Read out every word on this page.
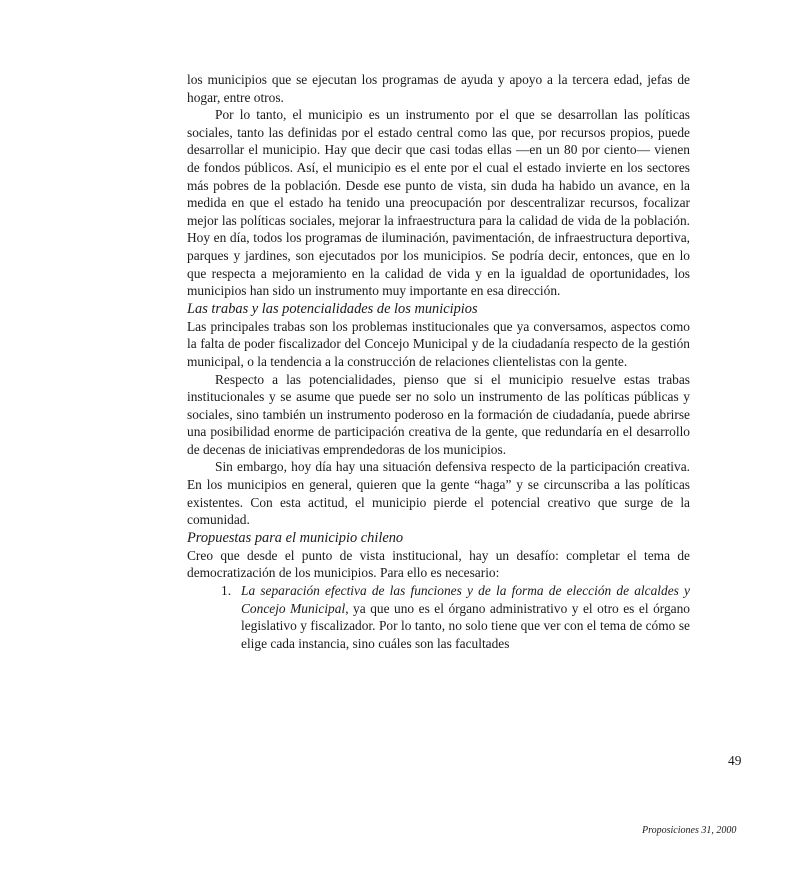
los municipios que se ejecutan los programas de ayuda y apoyo a la tercera edad, jefas de hogar, entre otros.

Por lo tanto, el municipio es un instrumento por el que se desarrollan las políticas sociales, tanto las definidas por el estado central como las que, por recursos propios, puede desarrollar el municipio. Hay que decir que casi todas ellas —en un 80 por ciento— vienen de fondos públicos. Así, el municipio es el ente por el cual el estado invierte en los sectores más pobres de la población. Desde ese punto de vista, sin duda ha habido un avance, en la medida en que el estado ha tenido una preocupación por descentralizar recursos, focalizar mejor las políticas sociales, mejorar la infraestructura para la calidad de vida de la población. Hoy en día, todos los programas de iluminación, pavimentación, de infraestructura deportiva, parques y jardines, son ejecutados por los municipios. Se podría decir, entonces, que en lo que respecta a mejoramiento en la calidad de vida y en la igualdad de oportunidades, los municipios han sido un instrumento muy importante en esa dirección.

Las trabas y las potencialidades de los municipios

Las principales trabas son los problemas institucionales que ya conversamos, aspectos como la falta de poder fiscalizador del Concejo Municipal y de la ciudadanía respecto de la gestión municipal, o la tendencia a la construcción de relaciones clientelistas con la gente.

Respecto a las potencialidades, pienso que si el municipio resuelve estas trabas institucionales y se asume que puede ser no solo un instrumento de las políticas públicas y sociales, sino también un instrumento poderoso en la formación de ciudadanía, puede abrirse una posibilidad enorme de participación creativa de la gente, que redundaría en el desarrollo de decenas de iniciativas emprendedoras de los municipios.

Sin embargo, hoy día hay una situación defensiva respecto de la participación creativa. En los municipios en general, quieren que la gente “haga” y se circunscriba a las políticas existentes. Con esta actitud, el municipio pierde el potencial creativo que surge de la comunidad.

Propuestas para el municipio chileno

Creo que desde el punto de vista institucional, hay un desafío: completar el tema de democratización de los municipios. Para ello es necesario:

1. La separación efectiva de las funciones y de la forma de elección de alcaldes y Concejo Municipal, ya que uno es el órgano administrativo y el otro es el órgano legislativo y fiscalizador. Por lo tanto, no solo tiene que ver con el tema de cómo se elige cada instancia, sino cuáles son las facultades
49
Proposiciones 31, 2000
